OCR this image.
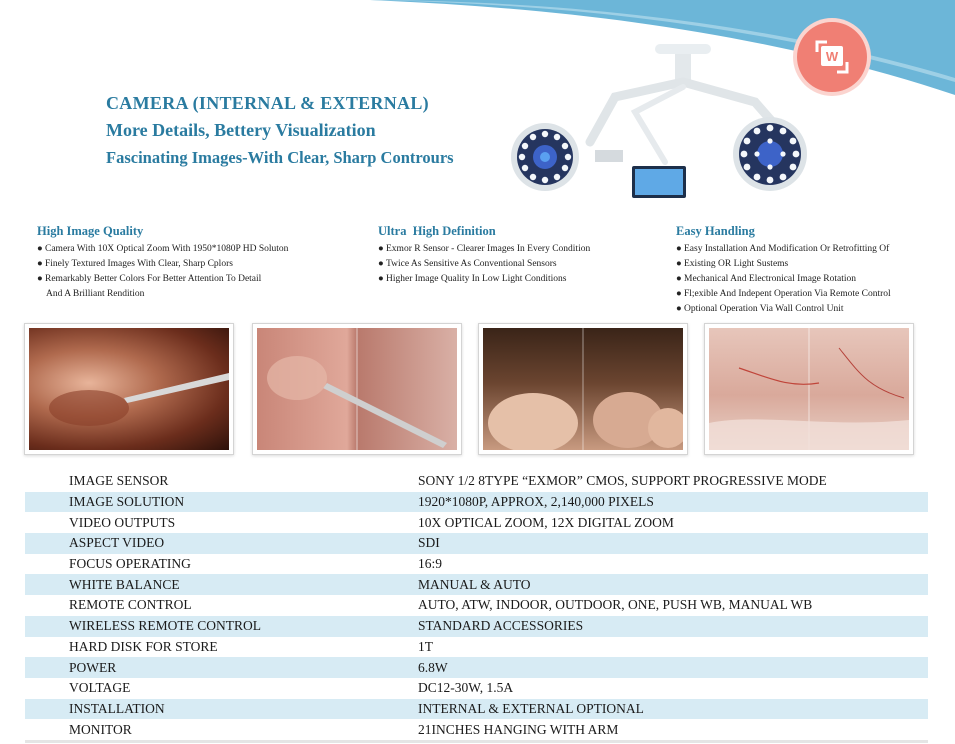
CAMERA (INTERNAL & EXTERNAL)
More Details, Bettery Visualization
Fascinating Images-With Clear, Sharp Contrours
W
High Image Quality
● Camera With 10X Optical Zoom With 1950*1080P HD Soluton
● Finely Textured Images With Clear, Sharp Cplors
● Remarkably Better Colors For Better Attention To Detail
And A Brilliant Rendition
Ultra  High Definition
● Exmor R Sensor - Clearer Images In Every Condition
● Twice As Sensitive As Conventional Sensors
● Higher Image Quality In Low Light Conditions
Easy Handling
● Easy Installation And Modification Or Retrofitting Of
● Existing OR Light Sustems
● Mechanical And Electronical Image Rotation
● Fl;exible And Indepent Operation Via Remote Control
● Optional Operation Via Wall Control Unit
IMAGE SENSOR	SONY 1/2 8TYPE “EXMOR” CMOS, SUPPORT PROGRESSIVE MODE
IMAGE SOLUTION	1920*1080P, APPROX, 2,140,000 PIXELS
VIDEO OUTPUTS	10X OPTICAL ZOOM, 12X DIGITAL ZOOM
ASPECT VIDEO	SDI
FOCUS OPERATING	16:9
WHITE BALANCE	MANUAL & AUTO
REMOTE CONTROL	AUTO, ATW, INDOOR, OUTDOOR, ONE, PUSH WB, MANUAL WB
WIRELESS REMOTE CONTROL	STANDARD ACCESSORIES
HARD DISK FOR STORE	1T
POWER	6.8W
VOLTAGE	DC12-30W, 1.5A
INSTALLATION	INTERNAL & EXTERNAL OPTIONAL
MONITOR	21INCHES HANGING WITH ARM
